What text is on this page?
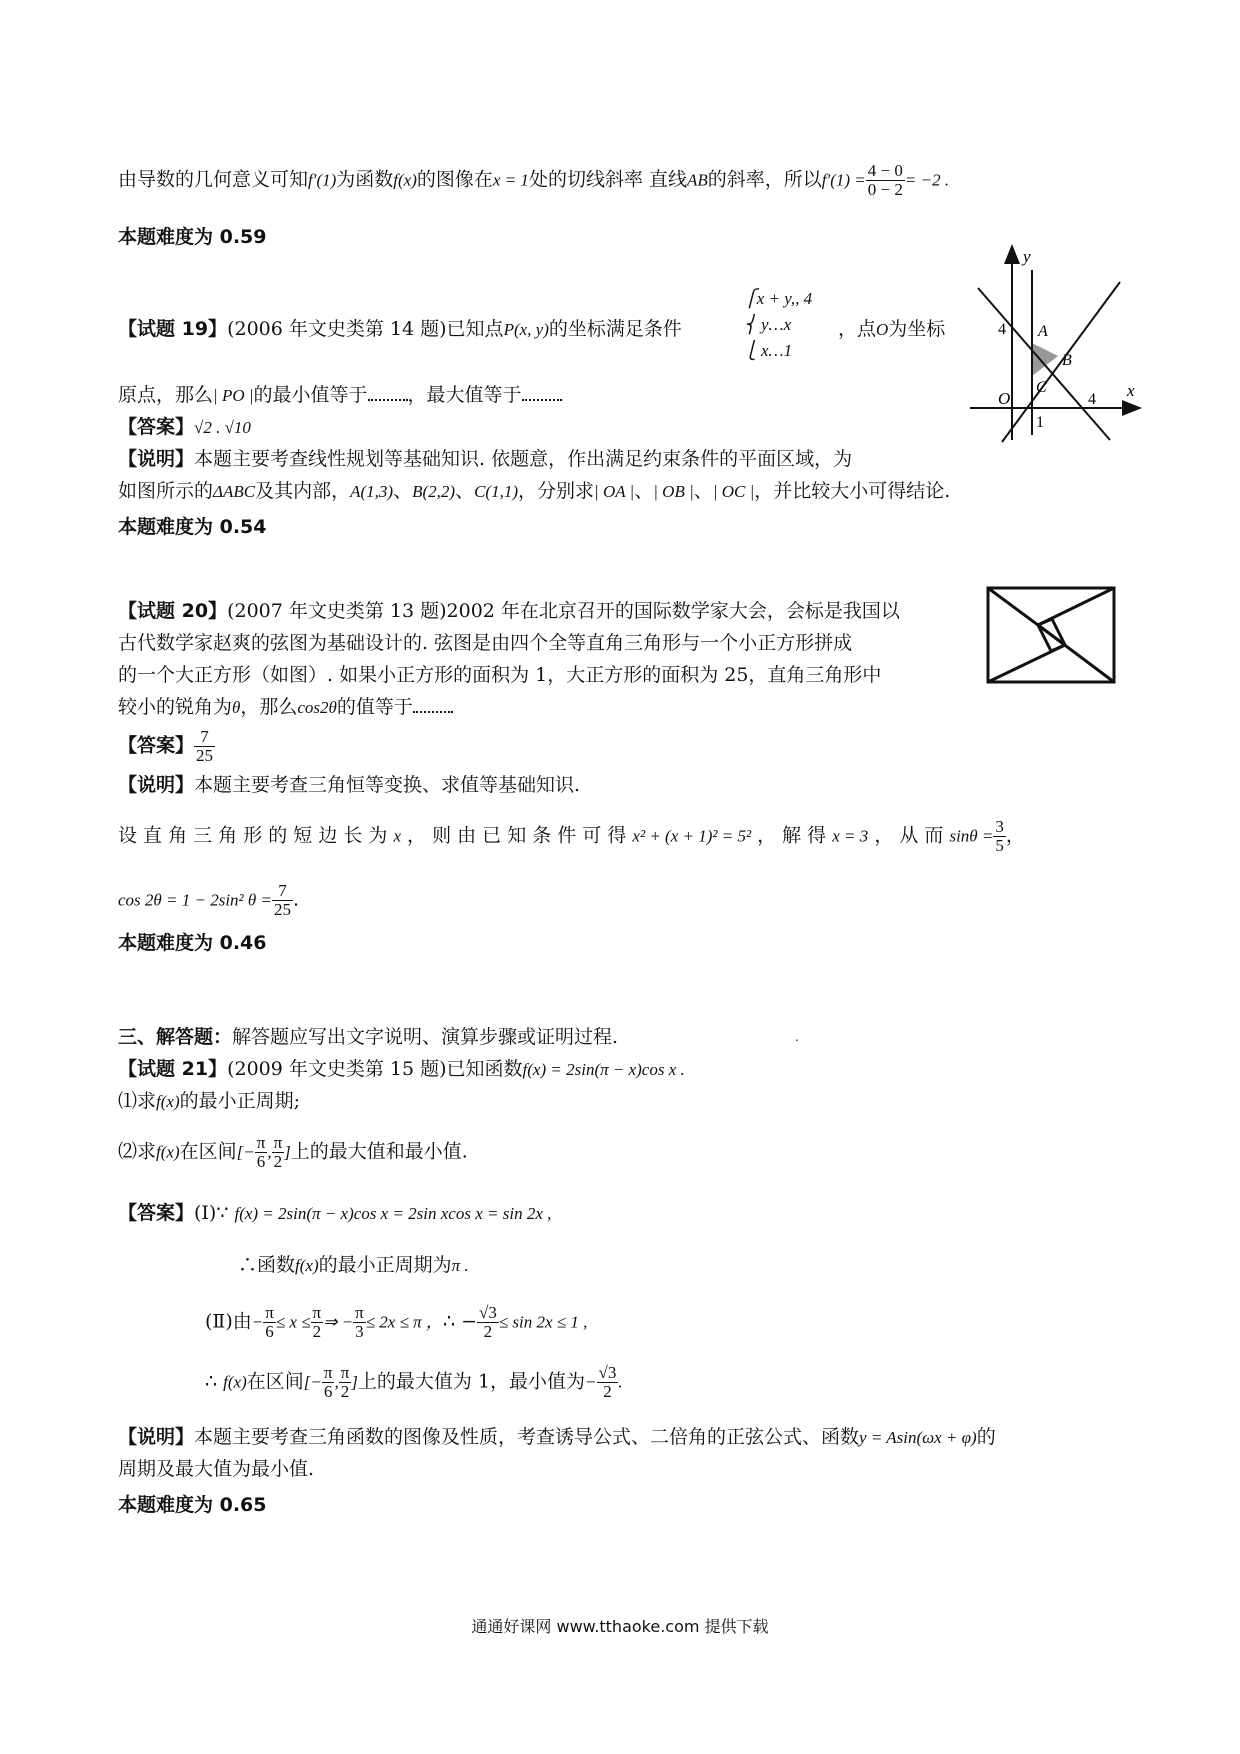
由导数的几何意义可知f′(1)为函数f(x)的图像在x = 1处的切线斜率 直线AB的斜率，所以$f'(1) = \frac{4 - 0}{0 - 2} = -2$ .
本题难度为 0.59
【试题 19】(2006 年文史类第 14 题)已知点P(x, y)的坐标满足条件
⎧x + y,, 4
⎨ y…x
⎩ x…1
，点O为坐标
原点，那么| PO |的最小值等于 ，最大值等于
【答案】√2 . √10
【说明】本题主要考查线性规划等基础知识. 依题意，作出满足约束条件的平面区域，为
如图所示的ΔABC及其内部，A(1,3)、B(2,2)、C(1,1)，分别求| OA |、| OB |、| OC |，并比较大小可得结论.
本题难度为 0.54
y
x
4
4
1
O
A
B
C
【试题 20】(2007 年文史类第 13 题)2002 年在北京召开的国际数学家大会，会标是我国以
古代数学家赵爽的弦图为基础设计的. 弦图是由四个全等直角三角形与一个小正方形拼成
的一个大正方形（如图）. 如果小正方形的面积为 1，大正方形的面积为 25，直角三角形中
较小的锐角为θ，那么cos2θ的值等于
【答案】 $\frac{7}{25}$
【说明】本题主要考查三角恒等变换、求值等基础知识.
设 直 角 三 角 形 的 短 边 长 为 x ， 则 由 已 知 条 件 可 得 x² + (x + 1)² = 5² ， 解 得 x = 3 ， 从 而 $\sin\theta = \frac{3}{5}$ ，
cos 2θ = 1 − 2sin² $\theta = \frac{7}{25}$ .
本题难度为 0.46
三、解答题：解答题应写出文字说明、演算步骤或证明过程.	.
【试题 21】(2009 年文史类第 15 题)已知函数f(x) = 2sin(π − x)cos x .
⑴求f(x)的最小正周期;
⑵求f(x)在区间[− $\frac{\pi}{6}$ , $\frac{\pi}{2}$ ]上的最大值和最小值.
【答案】(Ⅰ)∵ f(x) = 2sin(π − x)cos x = 2sin xcos x = sin 2x ,
∴函数f(x)的最小正周期为π .
(Ⅱ)由− $\frac{\pi}{6} \le x \le \frac{\pi}{2}$ ⇒ − $\frac{\pi}{3} \le 2x \le \pi$ ，∴ − $\frac{√3}{2} \le \sin 2x \le 1$ ,
∴ f(x)在区间[− $\frac{\pi}{6}$ , $\frac{\pi}{2}$ ]上的最大值为 1，最小值为− $\frac{√3}{2}$ .
【说明】本题主要考查三角函数的图像及性质，考查诱导公式、二倍角的正弦公式、函数y = Asin(ωx + φ)的
周期及最大值为最小值.
本题难度为 0.65
通通好课网 www.tthaoke.com 提供下载
